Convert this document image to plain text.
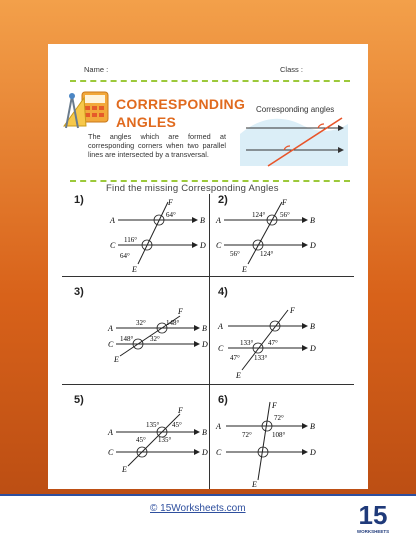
Name :	Class :
CORRESPONDING
ANGLES
The angles which are formed at corresponding corners when two parallel lines are intersected by a transversal.
Corresponding angles
Find the missing Corresponding Angles
1)	2)
3)	4)
5)	6)
A	B
C	D
E
F
64°
116°
64°
A	B
C	D
E
F
124° 56°
56°	124°
A	B
C	D
E
F
32°	148°
148° 32°
A	B
C	D
E
F
133° 47°
47° 133°
A	B
C	D
E
F
135° 45°
45° 135°
A	B
C	D
E
F
72°
72°	108°
© 15Worksheets.com	15
WORKSHEETS
